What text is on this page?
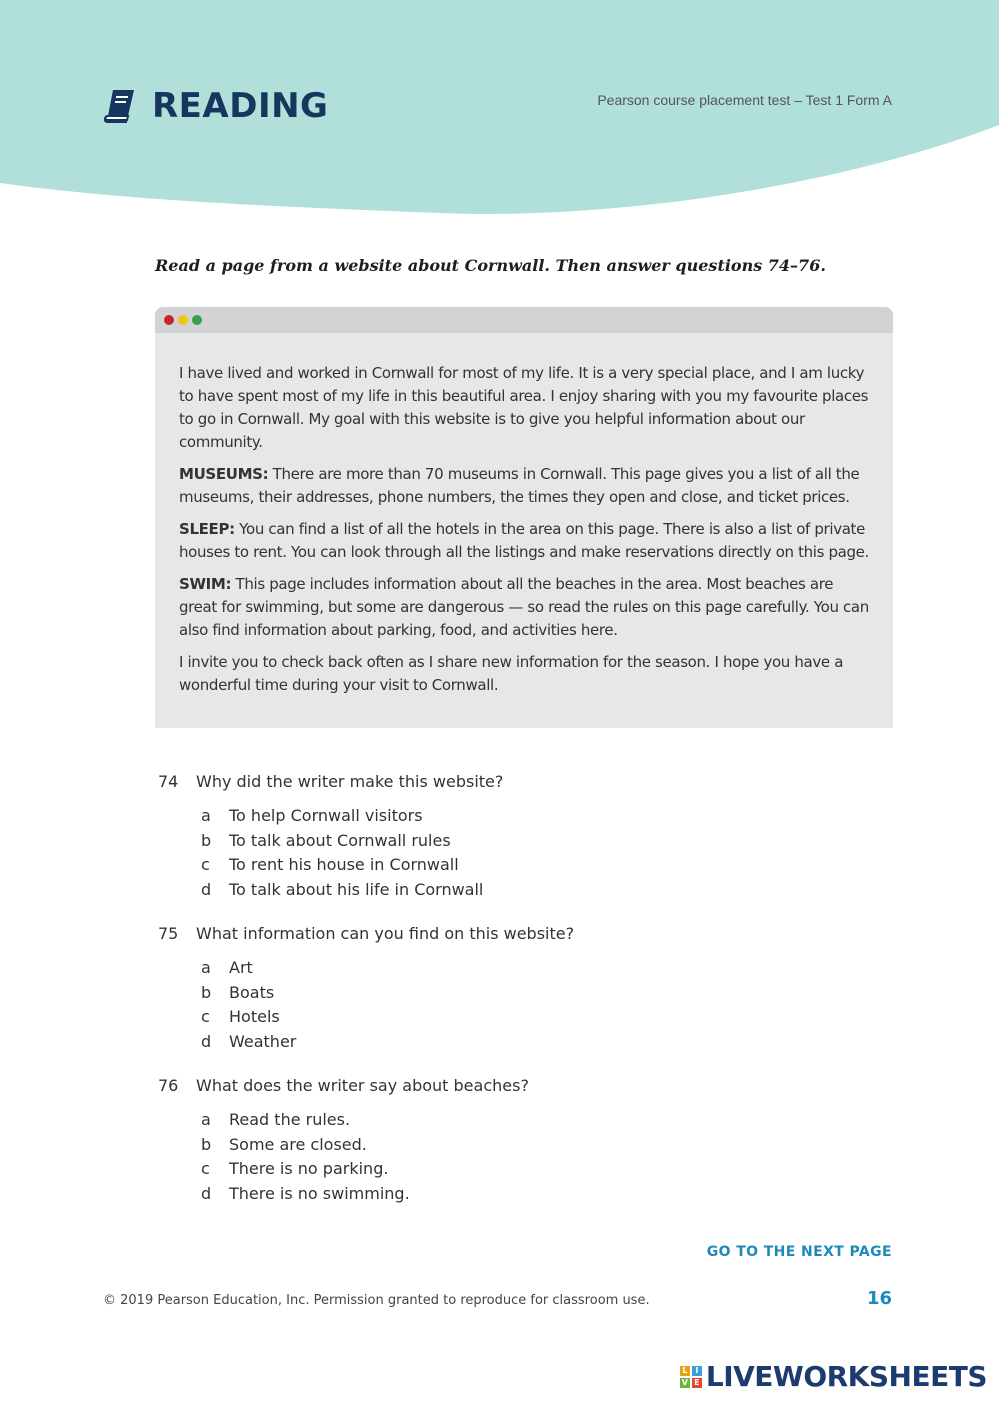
READING	Pearson course placement test – Test 1 Form A
Read a page from a website about Cornwall. Then answer questions 74–76.

I have lived and worked in Cornwall for most of my life. It is a very special place, and I am lucky to have spent most of my life in this beautiful area. I enjoy sharing with you my favourite places to go in Cornwall. My goal with this website is to give you helpful information about our community.

MUSEUMS: There are more than 70 museums in Cornwall. This page gives you a list of all the museums, their addresses, phone numbers, the times they open and close, and ticket prices.

SLEEP: You can find a list of all the hotels in the area on this page. There is also a list of private houses to rent. You can look through all the listings and make reservations directly on this page.

SWIM: This page includes information about all the beaches in the area. Most beaches are great for swimming, but some are dangerous — so read the rules on this page carefully. You can also find information about parking, food, and activities here.

I invite you to check back often as I share new information for the season. I hope you have a wonderful time during your visit to Cornwall.

74	Why did the writer make this website?
a	To help Cornwall visitors
b	To talk about Cornwall rules
c	To rent his house in Cornwall
d	To talk about his life in Cornwall
75	What information can you find on this website?
a	Art
b	Boats
c	Hotels
d	Weather
76	What does the writer say about beaches?
a	Read the rules.
b	Some are closed.
c	There is no parking.
d	There is no swimming.
GO TO THE NEXT PAGE
© 2019 Pearson Education, Inc. Permission granted to reproduce for classroom use.	16
L I
V E LIVEWORKSHEETS
